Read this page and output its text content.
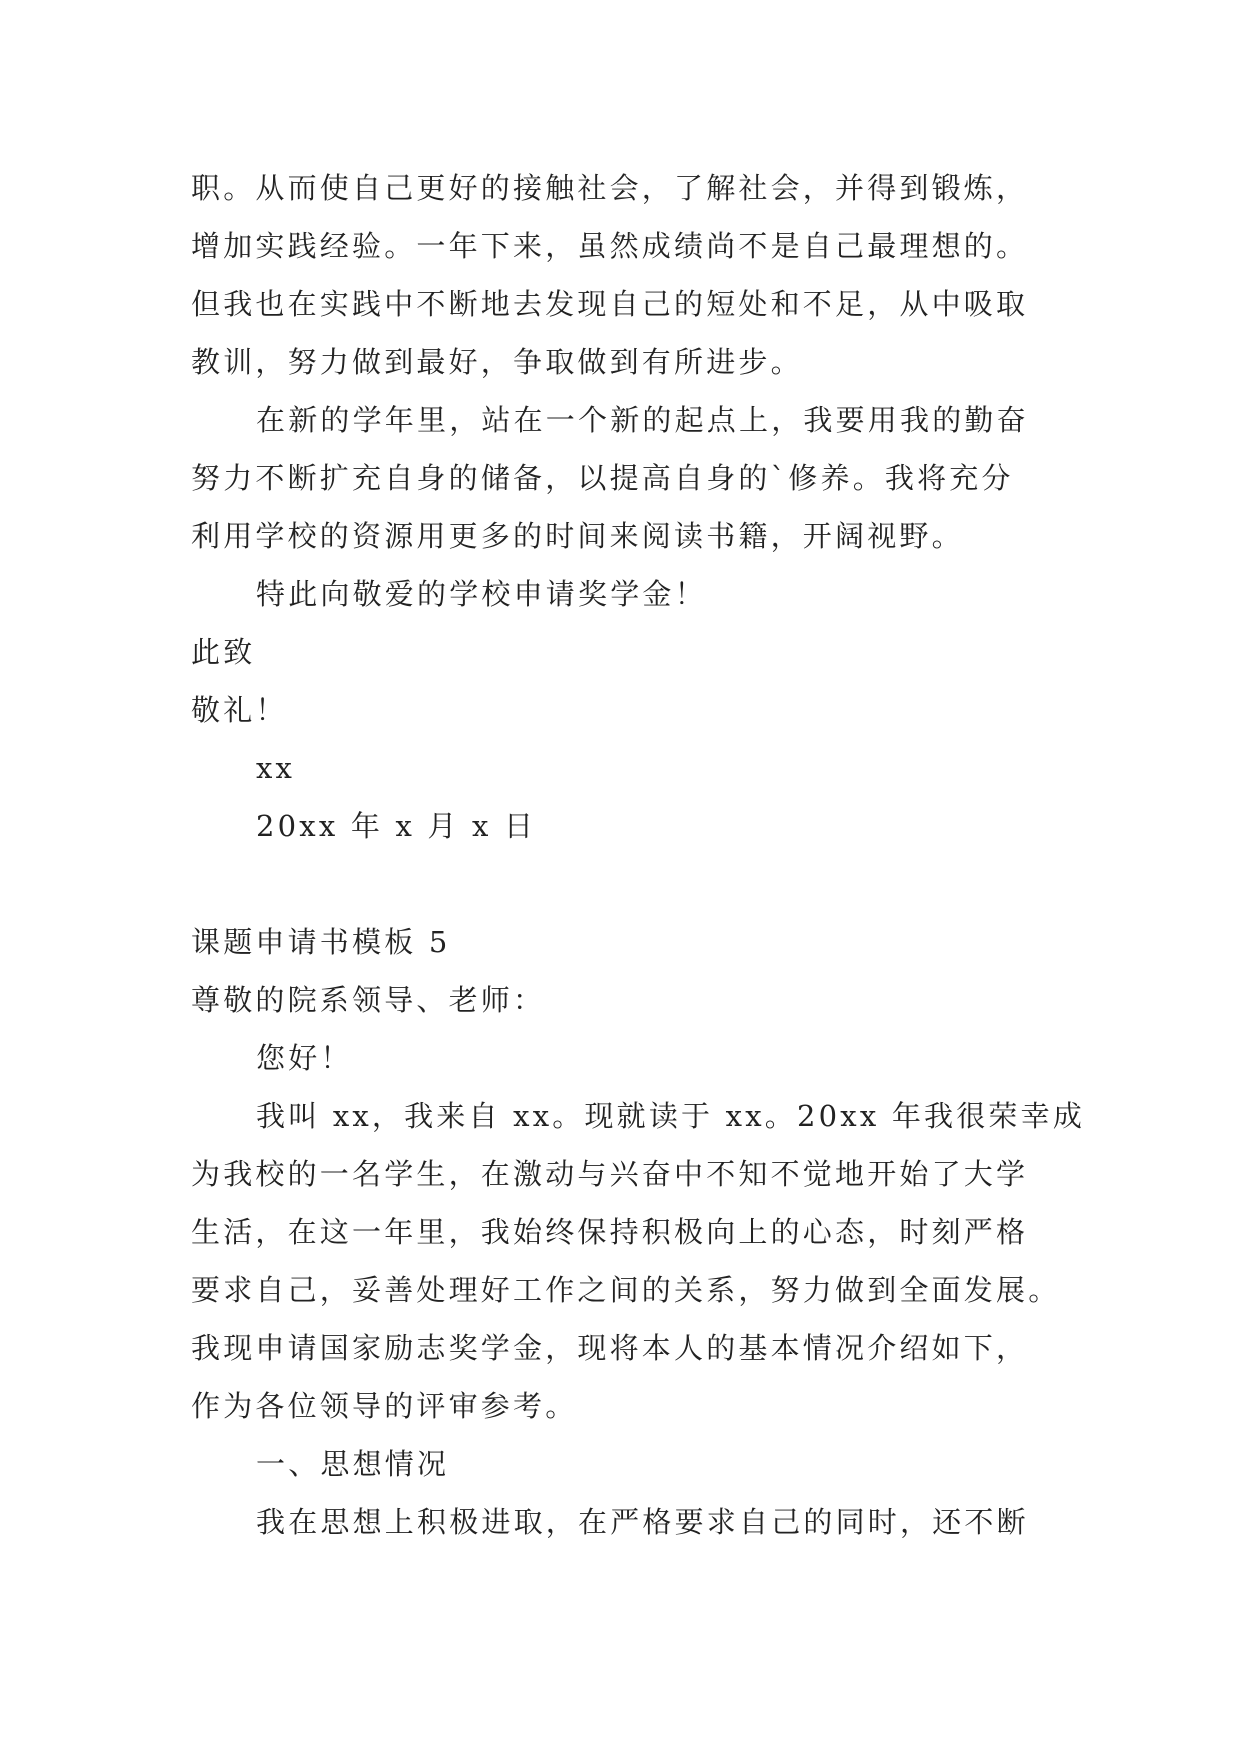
职。从而使自己更好的接触社会，了解社会，并得到锻炼，
增加实践经验。一年下来，虽然成绩尚不是自己最理想的。
但我也在实践中不断地去发现自己的短处和不足，从中吸取
教训，努力做到最好，争取做到有所进步。
在新的学年里，站在一个新的起点上，我要用我的勤奋
努力不断扩充自身的储备，以提高自身的`修养。我将充分
利用学校的资源用更多的时间来阅读书籍，开阔视野。
特此向敬爱的学校申请奖学金！
此致
敬礼！
xx
20xx 年 x 月 x 日
课题申请书模板 5
尊敬的院系领导、老师：
您好！
我叫 xx，我来自 xx。现就读于 xx。20xx 年我很荣幸成
为我校的一名学生，在激动与兴奋中不知不觉地开始了大学
生活，在这一年里，我始终保持积极向上的心态，时刻严格
要求自己，妥善处理好工作之间的关系，努力做到全面发展。
我现申请国家励志奖学金，现将本人的基本情况介绍如下，
作为各位领导的评审参考。
一、思想情况
我在思想上积极进取，在严格要求自己的同时，还不断
